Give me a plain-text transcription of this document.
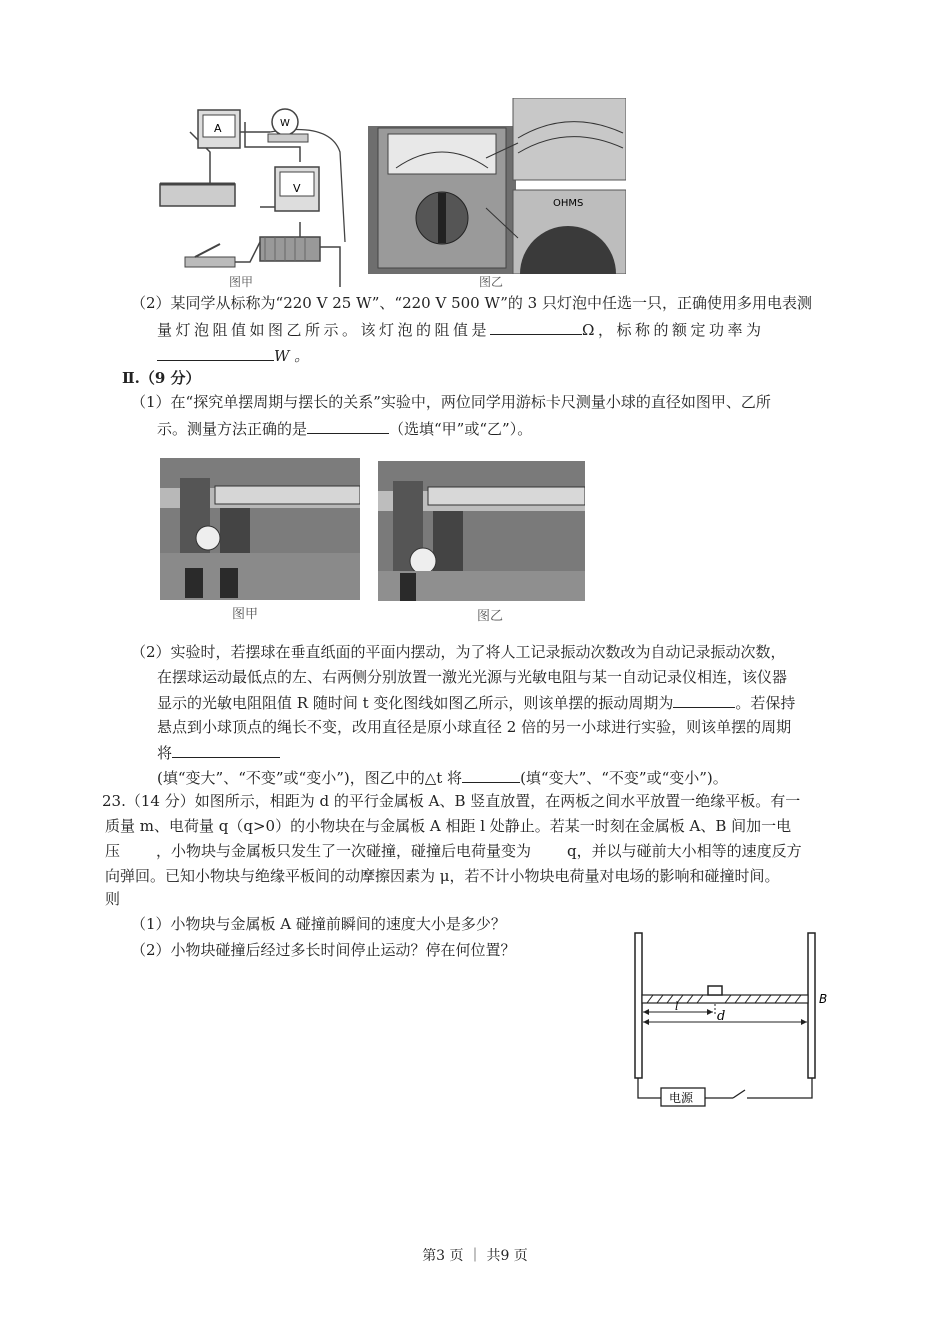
A	W
V
图甲
OHMS
图乙
（2）某同学从标称为“220 V 25 W”、“220 V 500 W”的 3 只灯泡中任选一只，正确使用多用电表测
量灯泡阻值如图乙所示。该灯泡的阻值是	Ω，标称的额定功率为
W 。
Ⅱ.（9 分）
（1）在“探究单摆周期与摆长的关系”实验中，两位同学用游标卡尺测量小球的直径如图甲、乙所
示。测量方法正确的是	（选填“甲”或“乙”）。
图甲	图乙
（2）实验时，若摆球在垂直纸面的平面内摆动，为了将人工记录振动次数改为自动记录振动次数，
在摆球运动最低点的左、右两侧分别放置一激光光源与光敏电阻与某一自动记录仪相连，该仪器
显示的光敏电阻阻值 R 随时间 t 变化图线如图乙所示，则该单摆的振动周期为	。若保持
悬点到小球顶点的绳长不变，改用直径是原小球直径 2 倍的另一小球进行实验，则该单摆的周期
将
(填“变大”、“不变”或“变小”)，图乙中的△t 将	(填“变大”、“不变”或“变小”)。
23.（14 分）如图所示，相距为 d 的平行金属板 A、B 竖直放置，在两板之间水平放置一绝缘平板。有一
质量 m、电荷量 q（q>0）的小物块在与金属板 A 相距 l 处静止。若某一时刻在金属板 A、B 间加一电
压 ，小物块与金属板只发生了一次碰撞，碰撞后电荷量变为 q，并以与碰前大小相等的速度反方
向弹回。已知小物块与绝缘平板间的动摩擦因素为 μ，若不计小物块电荷量对电场的影响和碰撞时间。
则
（1）小物块与金属板 A 碰撞前瞬间的速度大小是多少？
（2）小物块碰撞后经过多长时间停止运动？停在何位置？
l
d
B
电源
第3 页 ｜ 共9 页
